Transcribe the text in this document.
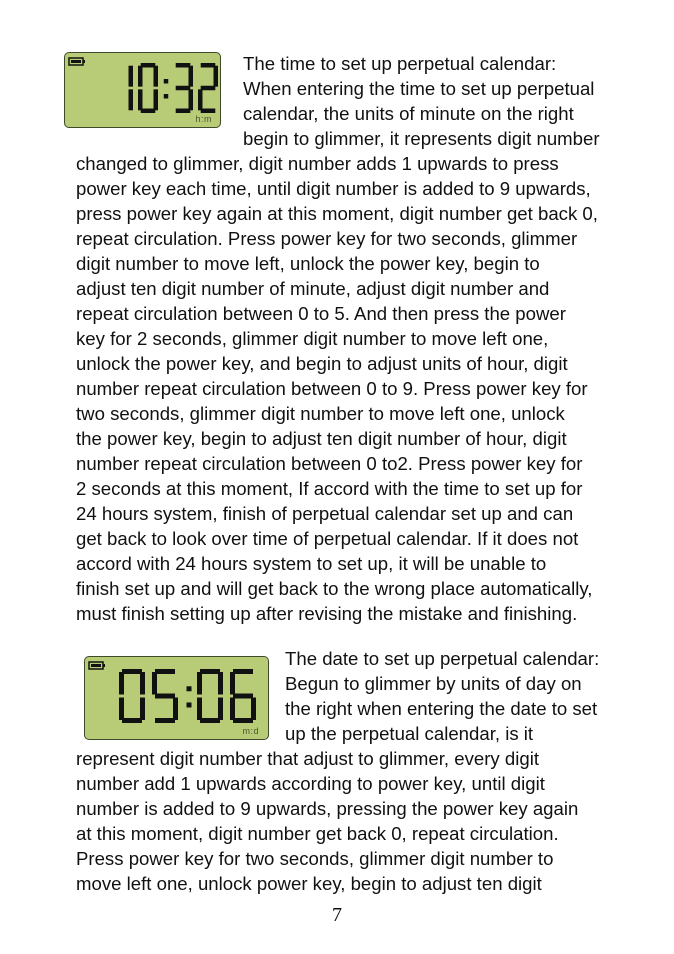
h:m
The time to set up perpetual calendar:
When entering the time to set up perpetual
calendar, the units of minute on the right
begin to glimmer, it represents digit number
changed to glimmer, digit number adds 1 upwards to press
power key each time, until digit number is added to 9 upwards,
press power key again at this moment, digit number get back 0,
repeat circulation. Press power key for two seconds, glimmer
digit number to move left, unlock the power key, begin to
adjust ten digit number of minute, adjust digit number and
repeat circulation between 0 to 5. And then press the power
key for 2 seconds, glimmer digit number to move left one,
unlock the power key, and begin to adjust units of hour, digit
number repeat circulation between 0 to 9. Press power key for
two seconds, glimmer digit number to move left one, unlock
the power key, begin to adjust ten digit number of hour, digit
number repeat circulation between 0 to2. Press power key for
2 seconds at this moment, If accord with the time to set up for
24 hours system, finish of perpetual calendar set up and can
get back to look over time of perpetual calendar. If it does not
accord with 24 hours system to set up, it will be unable to
finish set up and will get back to the wrong place automatically,
must finish setting up after revising the mistake and finishing.
m:d
The date to set up perpetual calendar:
Begun to glimmer by units of day on
the right when entering the date to set
up the perpetual calendar, is it
represent digit number that adjust to glimmer, every digit
number add 1 upwards according to power key, until digit
number is added to 9 upwards, pressing the power key again
at this moment, digit number get back 0, repeat circulation.
Press power key for two seconds, glimmer digit number to
move left one, unlock power key, begin to adjust ten digit
7
